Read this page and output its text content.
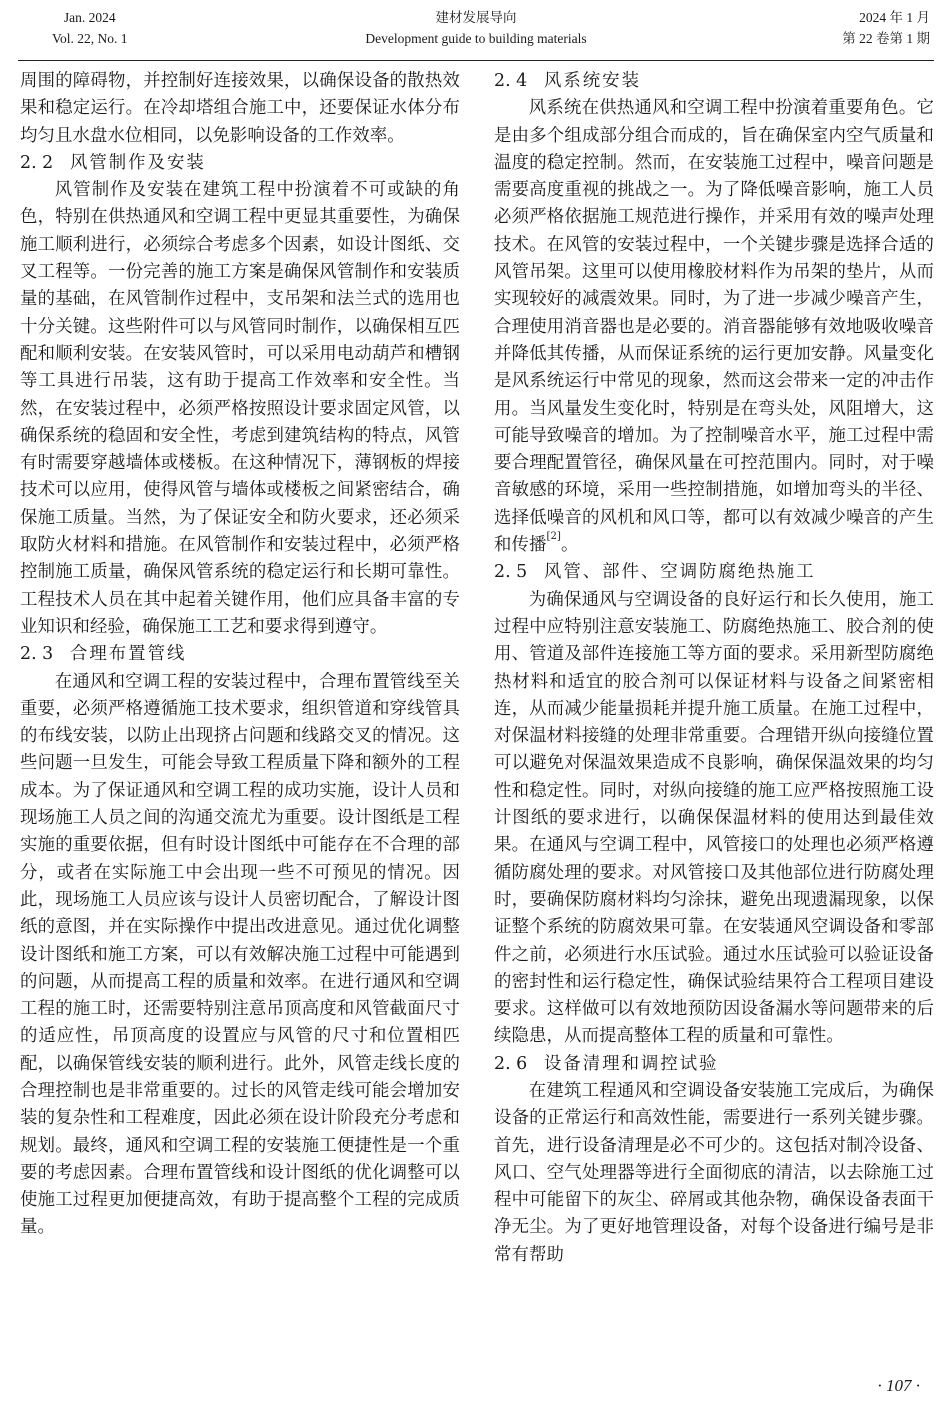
Jan. 2024
Vol. 22, No. 1
建材发展导向
Development guide to building materials
2024 年 1 月
第 22 卷第 1 期

周围的障碍物，并控制好连接效果，以确保设备的散热效果和稳定运行。在冷却塔组合施工中，还要保证水体分布均匀且水盘水位相同，以免影响设备的工作效率。

2. 2 风管制作及安装

风管制作及安装在建筑工程中扮演着不可或缺的角色，特别在供热通风和空调工程中更显其重要性，为确保施工顺利进行，必须综合考虑多个因素，如设计图纸、交叉工程等。一份完善的施工方案是确保风管制作和安装质量的基础，在风管制作过程中，支吊架和法兰式的选用也十分关键。这些附件可以与风管同时制作，以确保相互匹配和顺利安装。在安装风管时，可以采用电动葫芦和槽钢等工具进行吊装，这有助于提高工作效率和安全性。当然，在安装过程中，必须严格按照设计要求固定风管，以确保系统的稳固和安全性，考虑到建筑结构的特点，风管有时需要穿越墙体或楼板。在这种情况下，薄钢板的焊接技术可以应用，使得风管与墙体或楼板之间紧密结合，确保施工质量。当然，为了保证安全和防火要求，还必须采取防火材料和措施。在风管制作和安装过程中，必须严格控制施工质量，确保风管系统的稳定运行和长期可靠性。工程技术人员在其中起着关键作用，他们应具备丰富的专业知识和经验，确保施工工艺和要求得到遵守。

2. 3 合理布置管线

在通风和空调工程的安装过程中，合理布置管线至关重要，必须严格遵循施工技术要求，组织管道和穿线管具的布线安装，以防止出现挤占问题和线路交叉的情况。这些问题一旦发生，可能会导致工程质量下降和额外的工程成本。为了保证通风和空调工程的成功实施，设计人员和现场施工人员之间的沟通交流尤为重要。设计图纸是工程实施的重要依据，但有时设计图纸中可能存在不合理的部分，或者在实际施工中会出现一些不可预见的情况。因此，现场施工人员应该与设计人员密切配合，了解设计图纸的意图，并在实际操作中提出改进意见。通过优化调整设计图纸和施工方案，可以有效解决施工过程中可能遇到的问题，从而提高工程的质量和效率。在进行通风和空调工程的施工时，还需要特别注意吊顶高度和风管截面尺寸的适应性，吊顶高度的设置应与风管的尺寸和位置相匹配，以确保管线安装的顺利进行。此外，风管走线长度的合理控制也是非常重要的。过长的风管走线可能会增加安装的复杂性和工程难度，因此必须在设计阶段充分考虑和规划。最终，通风和空调工程的安装施工便捷性是一个重要的考虑因素。合理布置管线和设计图纸的优化调整可以使施工过程更加便捷高效，有助于提高整个工程的完成质量。

2. 4 风系统安装

风系统在供热通风和空调工程中扮演着重要角色。它是由多个组成部分组合而成的，旨在确保室内空气质量和温度的稳定控制。然而，在安装施工过程中，噪音问题是需要高度重视的挑战之一。为了降低噪音影响，施工人员必须严格依据施工规范进行操作，并采用有效的噪声处理技术。在风管的安装过程中，一个关键步骤是选择合适的风管吊架。这里可以使用橡胶材料作为吊架的垫片，从而实现较好的减震效果。同时，为了进一步减少噪音产生，合理使用消音器也是必要的。消音器能够有效地吸收噪音并降低其传播，从而保证系统的运行更加安静。风量变化是风系统运行中常见的现象，然而这会带来一定的冲击作用。当风量发生变化时，特别是在弯头处，风阻增大，这可能导致噪音的增加。为了控制噪音水平，施工过程中需要合理配置管径，确保风量在可控范围内。同时，对于噪音敏感的环境，采用一些控制措施，如增加弯头的半径、选择低噪音的风机和风口等，都可以有效减少噪音的产生和传播[2]。

2. 5 风管、部件、空调防腐绝热施工

为确保通风与空调设备的良好运行和长久使用，施工过程中应特别注意安装施工、防腐绝热施工、胶合剂的使用、管道及部件连接施工等方面的要求。采用新型防腐绝热材料和适宜的胶合剂可以保证材料与设备之间紧密相连，从而减少能量损耗并提升施工质量。在施工过程中，对保温材料接缝的处理非常重要。合理错开纵向接缝位置可以避免对保温效果造成不良影响，确保保温效果的均匀性和稳定性。同时，对纵向接缝的施工应严格按照施工设计图纸的要求进行，以确保保温材料的使用达到最佳效果。在通风与空调工程中，风管接口的处理也必须严格遵循防腐处理的要求。对风管接口及其他部位进行防腐处理时，要确保防腐材料均匀涂抹，避免出现遗漏现象，以保证整个系统的防腐效果可靠。在安装通风空调设备和零部件之前，必须进行水压试验。通过水压试验可以验证设备的密封性和运行稳定性，确保试验结果符合工程项目建设要求。这样做可以有效地预防因设备漏水等问题带来的后续隐患，从而提高整体工程的质量和可靠性。

2. 6 设备清理和调控试验

在建筑工程通风和空调设备安装施工完成后，为确保设备的正常运行和高效性能，需要进行一系列关键步骤。首先，进行设备清理是必不可少的。这包括对制冷设备、风口、空气处理器等进行全面彻底的清洁，以去除施工过程中可能留下的灰尘、碎屑或其他杂物，确保设备表面干净无尘。为了更好地管理设备，对每个设备进行编号是非常有帮助

· 107 ·
